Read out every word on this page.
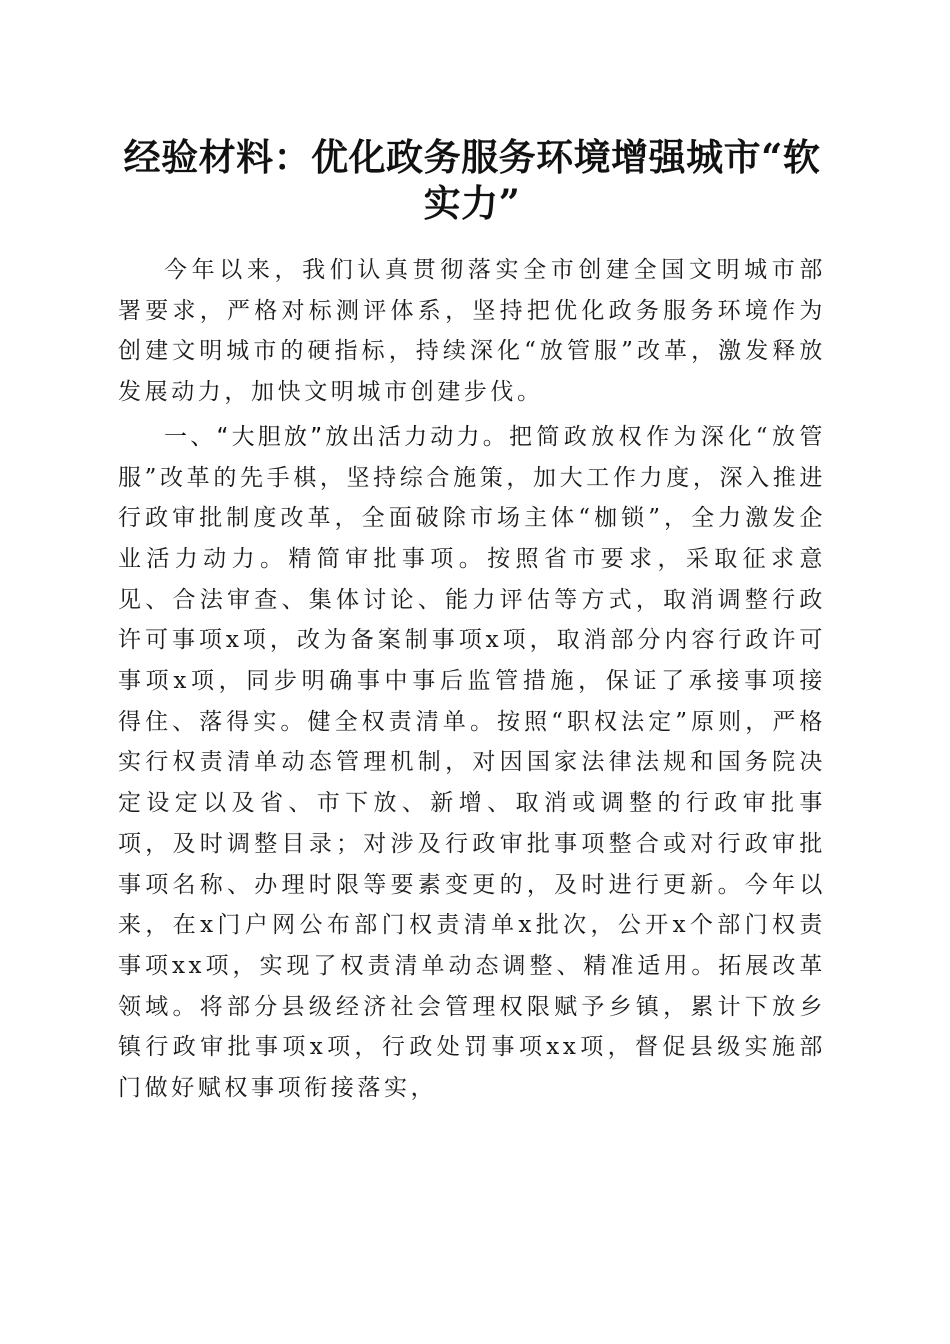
经验材料：优化政务服务环境增强城市“软实力”

今年以来，我们认真贯彻落实全市创建全国文明城市部署要求，严格对标测评体系，坚持把优化政务服务环境作为创建文明城市的硬指标，持续深化“放管服”改革，激发释放发展动力，加快文明城市创建步伐。

一、“大胆放”放出活力动力。把简政放权作为深化“放管服”改革的先手棋，坚持综合施策，加大工作力度，深入推进行政审批制度改革，全面破除市场主体“枷锁”，全力激发企业活力动力。精简审批事项。按照省市要求，采取征求意见、合法审查、集体讨论、能力评估等方式，取消调整行政许可事项x项，改为备案制事项x项，取消部分内容行政许可事项x项，同步明确事中事后监管措施，保证了承接事项接得住、落得实。健全权责清单。按照“职权法定”原则，严格实行权责清单动态管理机制，对因国家法律法规和国务院决定设定以及省、市下放、新增、取消或调整的行政审批事项，及时调整目录；对涉及行政审批事项整合或对行政审批事项名称、办理时限等要素变更的，及时进行更新。今年以来，在x门户网公布部门权责清单x批次，公开x个部门权责事项xx项，实现了权责清单动态调整、精准适用。拓展改革领域。将部分县级经济社会管理权限赋予乡镇，累计下放乡镇行政审批事项x项，行政处罚事项xx项，督促县级实施部门做好赋权事项衔接落实，
